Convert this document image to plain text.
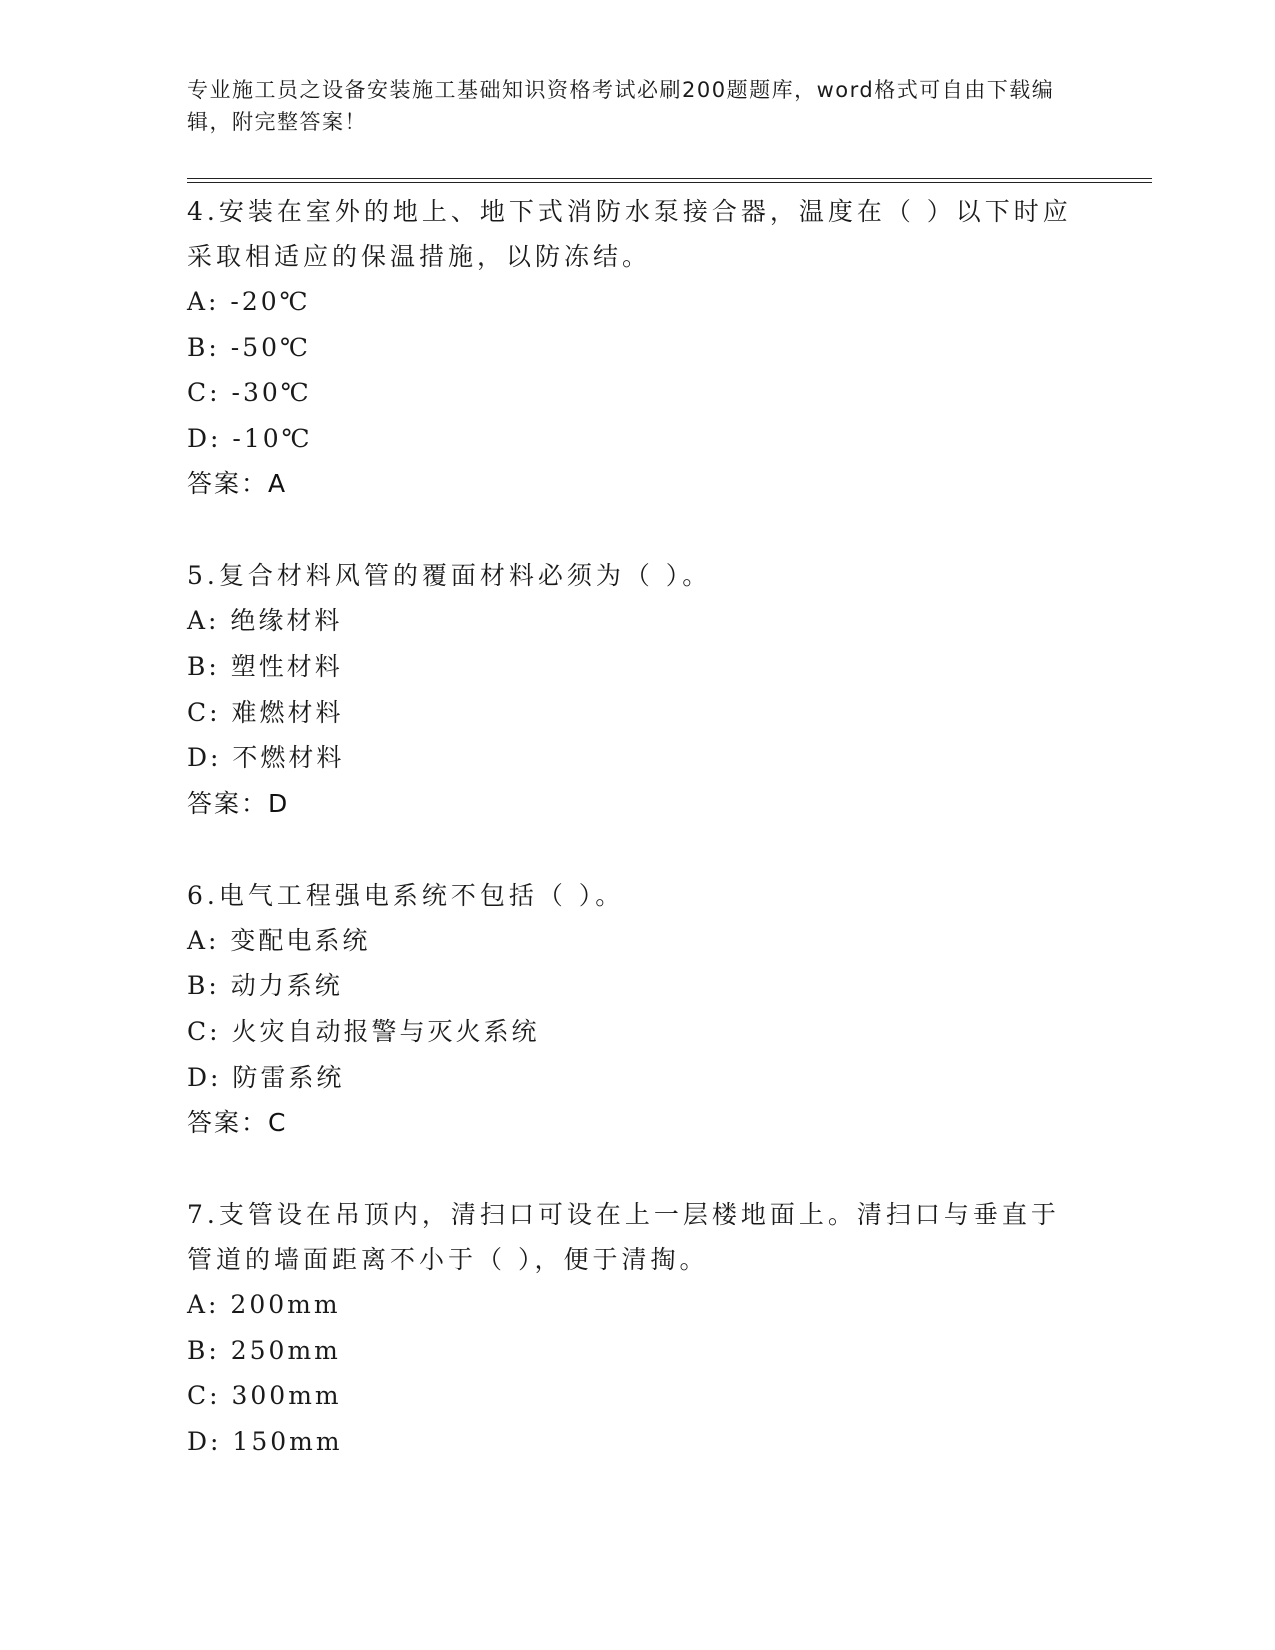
专业施工员之设备安装施工基础知识资格考试必刷200题题库，word格式可自由下载编辑，附完整答案！
4.安装在室外的地上、地下式消防水泵接合器，温度在（ ）以下时应采取相适应的保温措施，以防冻结。
A: -20℃
B: -50℃
C: -30℃
D: -10℃
答案：A
5.复合材料风管的覆面材料必须为（ ）。
A: 绝缘材料
B: 塑性材料
C: 难燃材料
D: 不燃材料
答案：D
6.电气工程强电系统不包括（ ）。
A: 变配电系统
B: 动力系统
C: 火灾自动报警与灭火系统
D: 防雷系统
答案：C
7.支管设在吊顶内，清扫口可设在上一层楼地面上。清扫口与垂直于管道的墙面距离不小于（ ），便于清掏。
A: 200mm
B: 250mm
C: 300mm
D: 150mm
